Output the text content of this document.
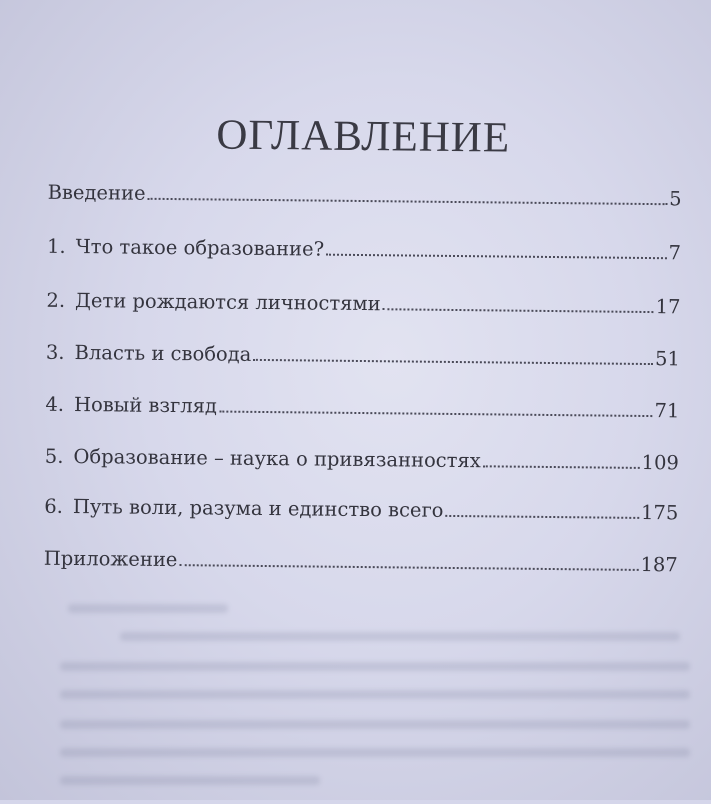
ОГЛАВЛЕНИЕ
Введение	5
1. Что такое образование?	7
2. Дети рождаются личностями	17
3. Власть и свобода	51
4. Новый взгляд	71
5. Образование – наука о привязанностях	109
6. Путь воли, разума и единство всего	175
Приложение	187
